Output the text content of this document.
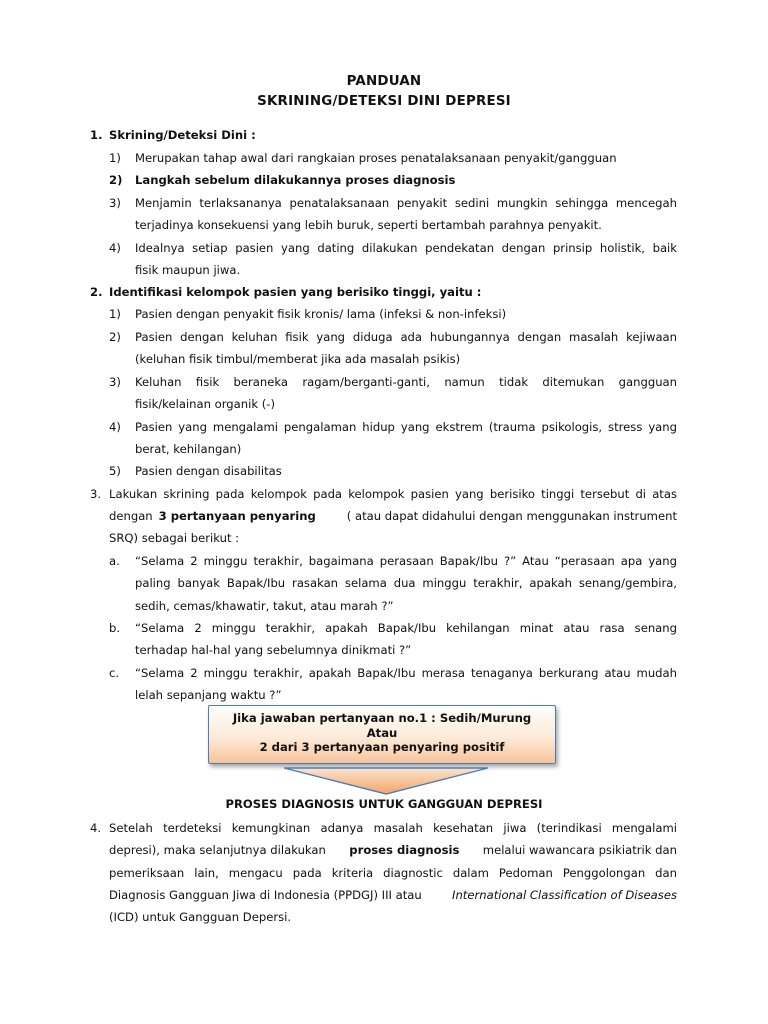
PANDUAN
SKRINING/DETEKSI DINI DEPRESI
1. Skrining/Deteksi Dini :
1) Merupakan tahap awal dari rangkaian proses penatalaksanaan penyakit/gangguan
2) Langkah sebelum dilakukannya proses diagnosis
3) Menjamin terlaksananya penatalaksanaan penyakit sedini mungkin sehingga mencegah
terjadinya konsekuensi yang lebih buruk, seperti bertambah parahnya penyakit.
4) Idealnya setiap pasien yang dating dilakukan pendekatan dengan prinsip holistik, baik
fisik maupun jiwa.
2. Identifikasi kelompok pasien yang berisiko tinggi, yaitu :
1) Pasien dengan penyakit fisik kronis/ lama (infeksi & non-infeksi)
2) Pasien dengan keluhan fisik yang diduga ada hubungannya dengan masalah kejiwaan
(keluhan fisik timbul/memberat jika ada masalah psikis)
3) Keluhan fisik beraneka ragam/berganti-ganti, namun tidak ditemukan gangguan
fisik/kelainan organik (-)
4) Pasien yang mengalami pengalaman hidup yang ekstrem (trauma psikologis, stress yang
berat, kehilangan)
5) Pasien dengan disabilitas
3. Lakukan skrining pada kelompok pada kelompok pasien yang berisiko tinggi tersebut di atas
dengan 3 pertanyaan penyaring	( atau dapat didahului dengan menggunakan instrument
SRQ) sebagai berikut :
a. “Selama 2 minggu terakhir, bagaimana perasaan Bapak/Ibu ?” Atau “perasaan apa yang
paling banyak Bapak/Ibu rasakan selama dua minggu terakhir, apakah senang/gembira,
sedih, cemas/khawatir, takut, atau marah ?”
b. “Selama 2 minggu terakhir, apakah Bapak/Ibu kehilangan minat atau rasa senang
terhadap hal-hal yang sebelumnya dinikmati ?”
c. “Selama 2 minggu terakhir, apakah Bapak/Ibu merasa tenaganya berkurang atau mudah
lelah sepanjang waktu ?”
Jika jawaban pertanyaan no.1 : Sedih/Murung
Atau
2 dari 3 pertanyaan penyaring positif
PROSES DIAGNOSIS UNTUK GANGGUAN DEPRESI
4. Setelah terdeteksi kemungkinan adanya masalah kesehatan jiwa (terindikasi mengalami
depresi), maka selanjutnya dilakukan proses diagnosis melalui wawancara psikiatrik dan
pemeriksaan lain, mengacu pada kriteria diagnostic dalam Pedoman Penggolongan dan
Diagnosis Gangguan Jiwa di Indonesia (PPDGJ) III atau	International Classification of Diseases
(ICD) untuk Gangguan Depersi.
